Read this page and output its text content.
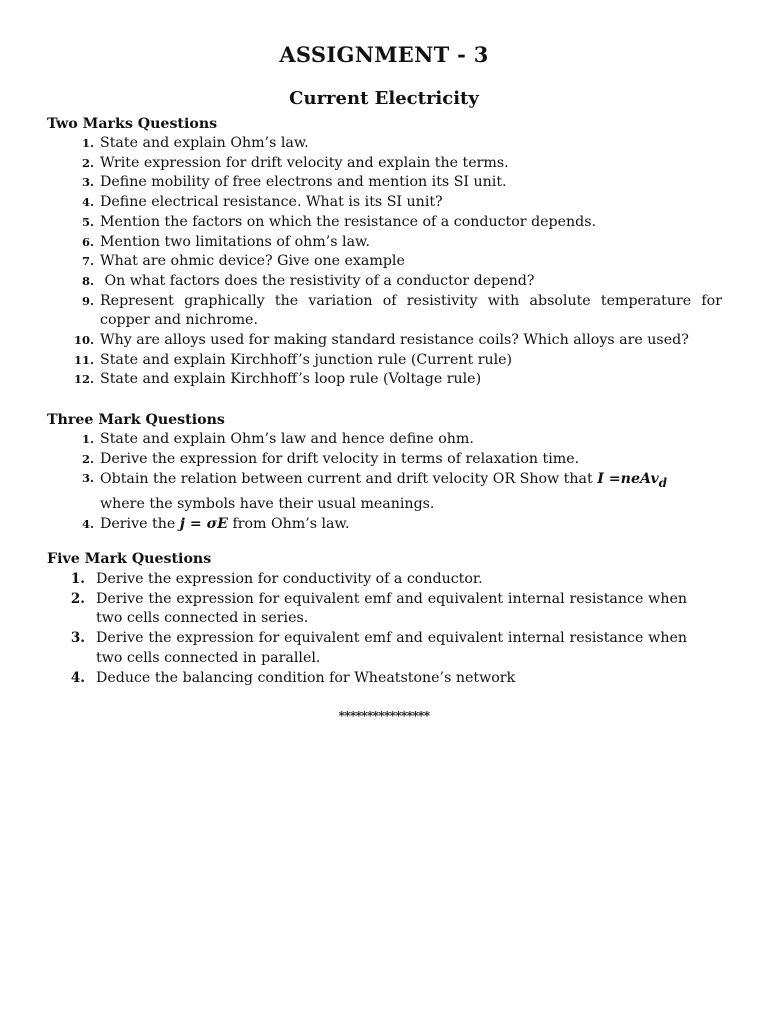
ASSIGNMENT - 3
Current Electricity
Two Marks Questions
1. State and explain Ohm’s law.
2. Write expression for drift velocity and explain the terms.
3. Define mobility of free electrons and mention its SI unit.
4. Define electrical resistance. What is its SI unit?
5. Mention the factors on which the resistance of a conductor depends.
6. Mention two limitations of ohm’s law.
7. What are ohmic device? Give one example
8. On what factors does the resistivity of a conductor depend?
9. Represent graphically the variation of resistivity with absolute temperature for copper and nichrome.
10. Why are alloys used for making standard resistance coils? Which alloys are used?
11. State and explain Kirchhoff’s junction rule (Current rule)
12. State and explain Kirchhoff’s loop rule (Voltage rule)
Three Mark Questions
1. State and explain Ohm’s law and hence define ohm.
2. Derive the expression for drift velocity in terms of relaxation time.
3. Obtain the relation between current and drift velocity OR Show that I =neAv$_d$ where the symbols have their usual meanings.
4. Derive the j = σE from Ohm’s law.
Five Mark Questions
1. Derive the expression for conductivity of a conductor.
2. Derive the expression for equivalent emf and equivalent internal resistance when two cells connected in series.
3. Derive the expression for equivalent emf and equivalent internal resistance when two cells connected in parallel.
4. Deduce the balancing condition for Wheatstone’s network
****************
